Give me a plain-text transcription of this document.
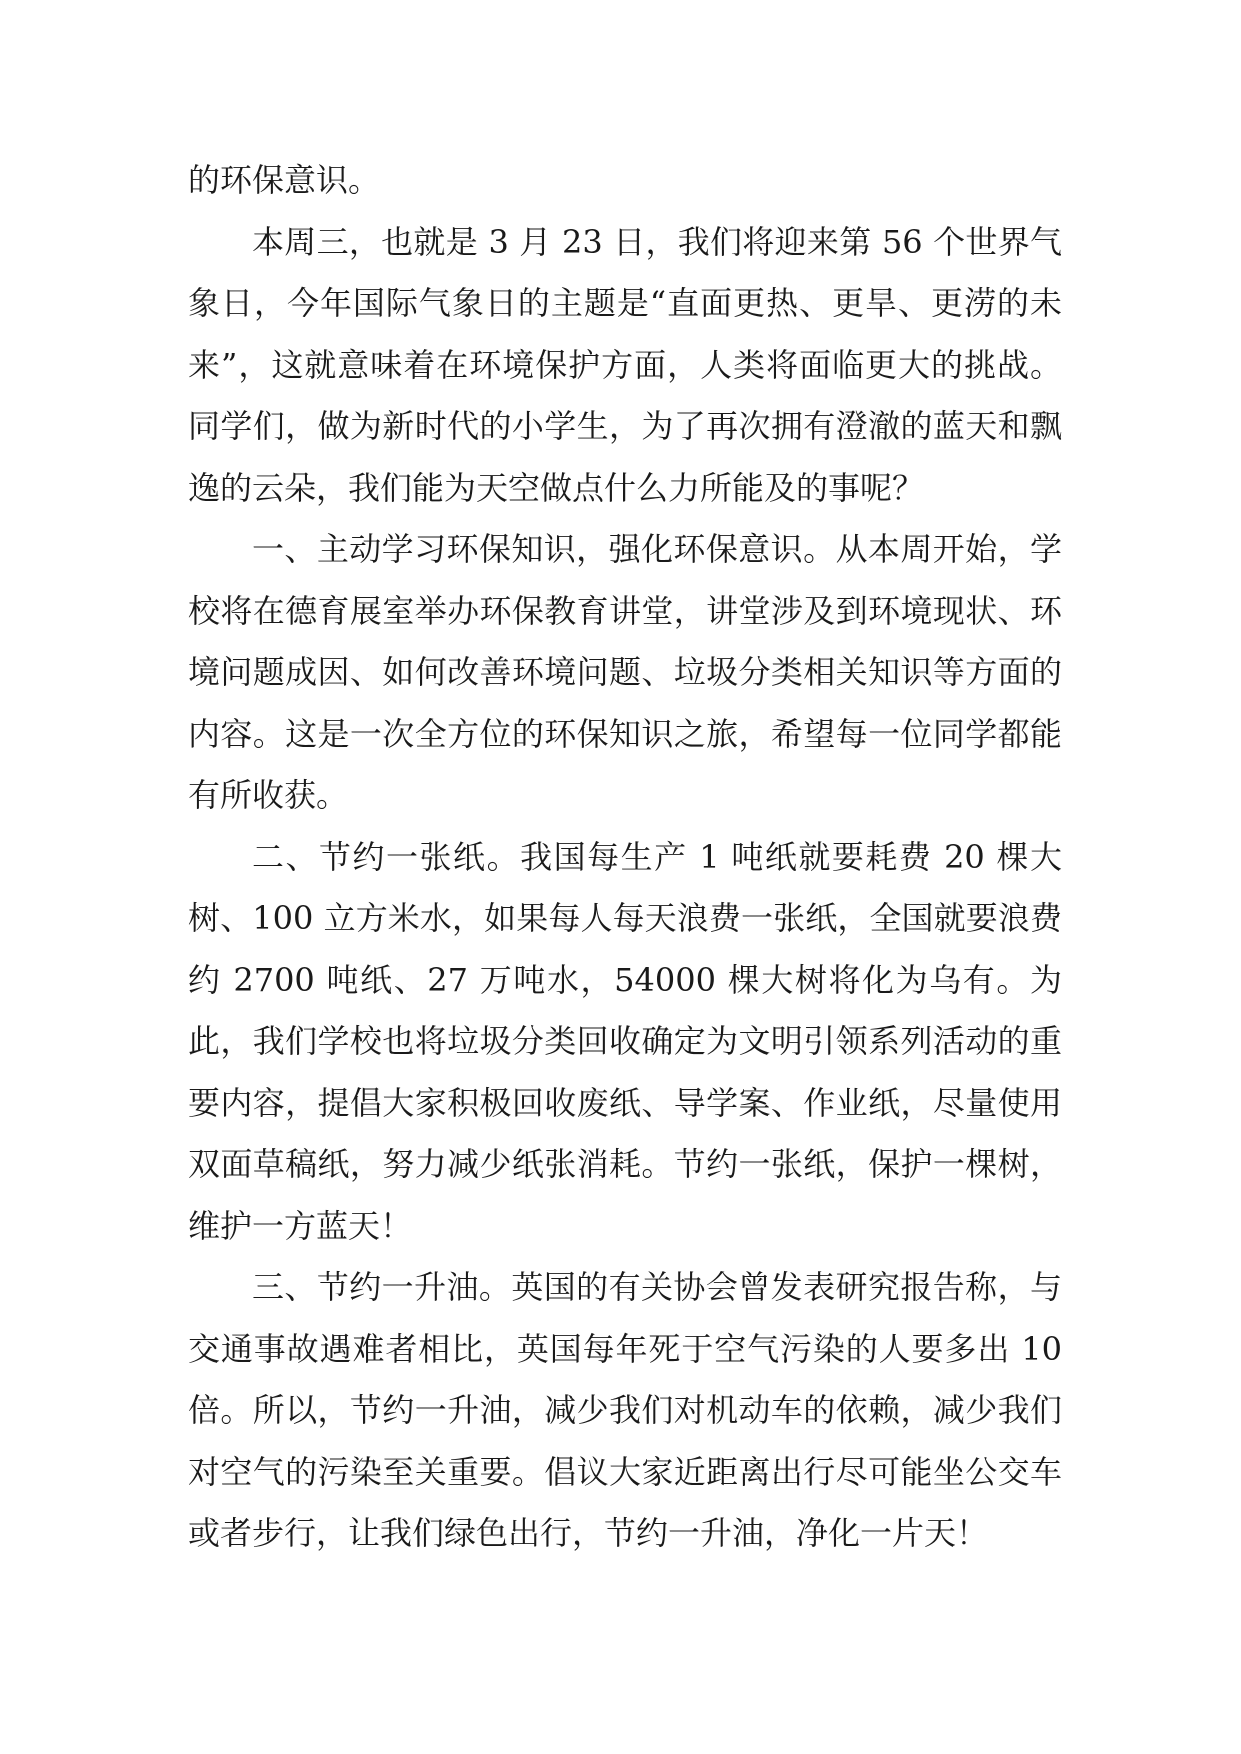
的环保意识。

本周三，也就是 3 月 23 日，我们将迎来第 56 个世界气象日，今年国际气象日的主题是“直面更热、更旱、更涝的未来”，这就意味着在环境保护方面，人类将面临更大的挑战。同学们，做为新时代的小学生，为了再次拥有澄澈的蓝天和飘逸的云朵，我们能为天空做点什么力所能及的事呢？

一、主动学习环保知识，强化环保意识。从本周开始，学校将在德育展室举办环保教育讲堂，讲堂涉及到环境现状、环境问题成因、如何改善环境问题、垃圾分类相关知识等方面的内容。这是一次全方位的环保知识之旅，希望每一位同学都能有所收获。

二、节约一张纸。我国每生产 1 吨纸就要耗费 20 棵大树、100 立方米水，如果每人每天浪费一张纸，全国就要浪费约 2700 吨纸、27 万吨水，54000 棵大树将化为乌有。为此，我们学校也将垃圾分类回收确定为文明引领系列活动的重要内容，提倡大家积极回收废纸、导学案、作业纸，尽量使用双面草稿纸，努力减少纸张消耗。节约一张纸，保护一棵树，维护一方蓝天！

三、节约一升油。英国的有关协会曾发表研究报告称，与交通事故遇难者相比，英国每年死于空气污染的人要多出 10 倍。所以，节约一升油，减少我们对机动车的依赖，减少我们对空气的污染至关重要。倡议大家近距离出行尽可能坐公交车或者步行，让我们绿色出行，节约一升油，净化一片天！
